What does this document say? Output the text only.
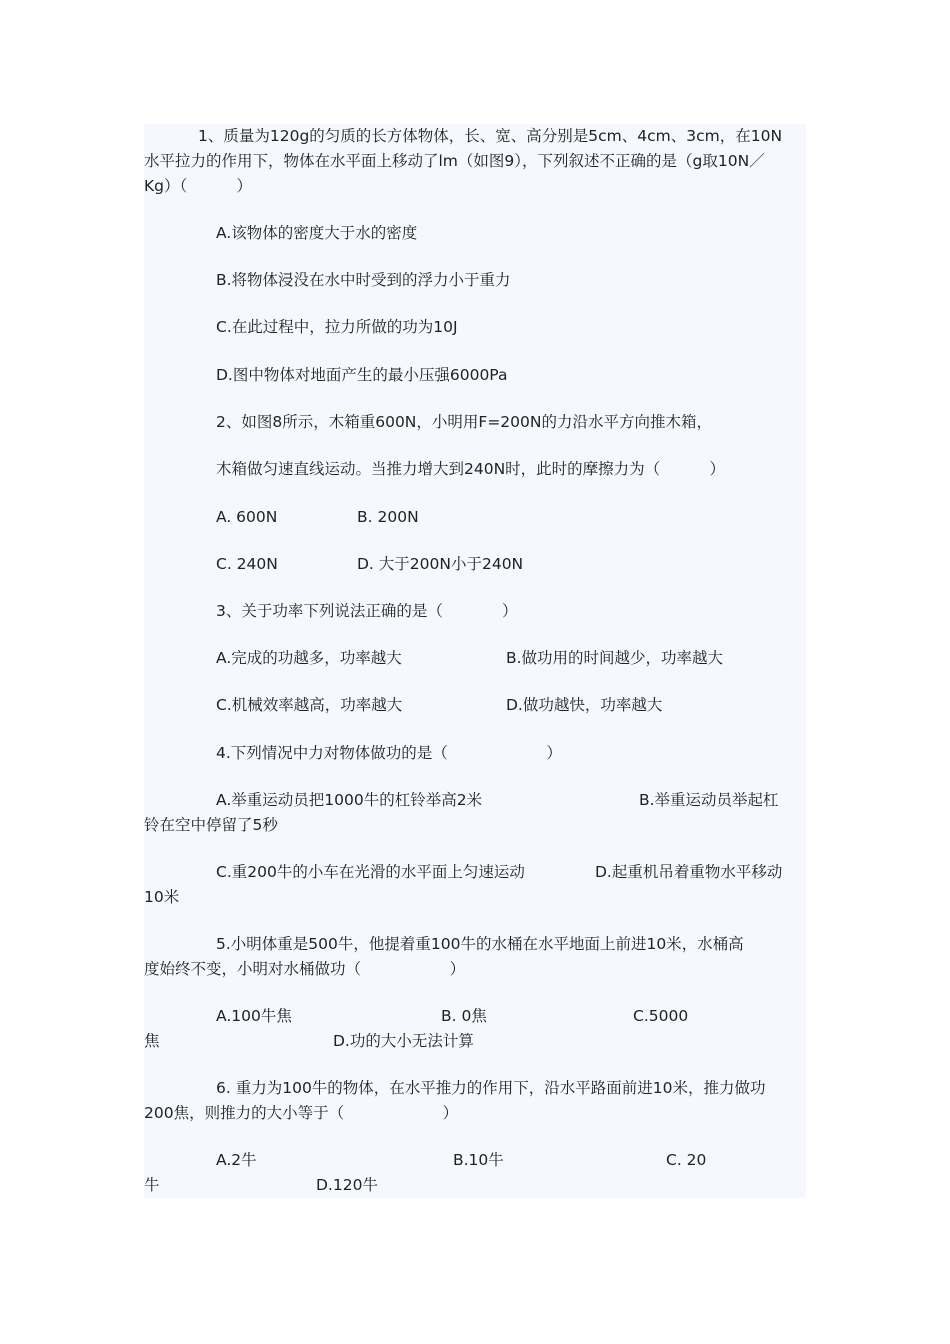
1、质量为120g的匀质的长方体物体，长、宽、高分别是5cm、4cm、3cm，在10N
水平拉力的作用下，物体在水平面上移动了lm（如图9），下列叙述不正确的是（g取10N／
Kg）（          ）
A.该物体的密度大于水的密度
B.将物体浸没在水中时受到的浮力小于重力
C.在此过程中，拉力所做的功为10J
D.图中物体对地面产生的最小压强6000Pa
2、如图8所示，木箱重600N，小明用F=200N的力沿水平方向推木箱，
木箱做匀速直线运动。当推力增大到240N时，此时的摩擦力为（          ）
A. 600N	B. 200N
C. 240N	D. 大于200N小于240N
3、关于功率下列说法正确的是（            ）
A.完成的功越多，功率越大	B.做功用的时间越少，功率越大
C.机械效率越高，功率越大	D.做功越快，功率越大
4.下列情况中力对物体做功的是（                    ）
A.举重运动员把1000牛的杠铃举高2米	B.举重运动员举起杠
铃在空中停留了5秒
C.重200牛的小车在光滑的水平面上匀速运动	D.起重机吊着重物水平移动
10米
5.小明体重是500牛，他提着重100牛的水桶在水平地面上前进10米，水桶高
度始终不变，小明对水桶做功（                  ）
A.100牛焦	B. 0焦	C.5000
焦	D.功的大小无法计算
6. 重力为100牛的物体，在水平推力的作用下，沿水平路面前进10米，推力做功
200焦，则推力的大小等于（                    ）
A.2牛	B.10牛	C. 20
牛	D.120牛
